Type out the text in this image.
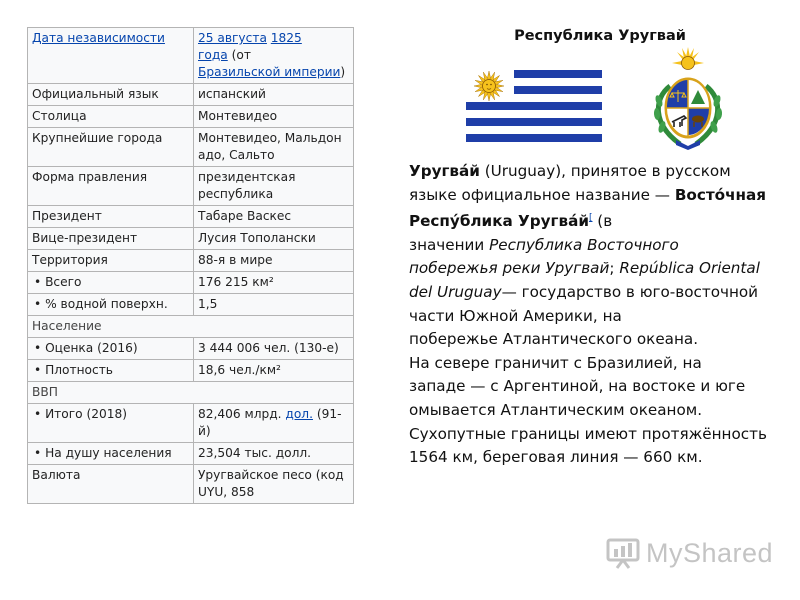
Дата независимости	25 августа 1825
года (от
Бразильской империи)
Официальный язык	испанский
Столица	Монтевидео
Крупнейшие города	Монтевидео, Мальдон адо, Сальто
Форма правления	президентская республика
Президент	Табаре Васкес
Вице-президент	Лусия Тополански
Территория	88-я в мире
• Всего	176 215 км²
• % водной поверхн.	1,5
Население	
• Оценка (2016)	3 444 006 чел. (130-е)
• Плотность	18,6 чел./км²
ВВП	
• Итого (2018)	82,406 млрд. дол. (91-й)
• На душу населения	23,504 тыс. долл.
Валюта	Уругвайское песо (код UYU, 858
Республика Уругвай
Уругва́й (Uruguay), принятое в русском
языке официальное название — Восто́чная
Респу́блика Уругва́й[ (в
значении Республика Восточного
побережья реки Уругвай; República Oriental
del Uruguay— государство в юго-восточной
части Южной Америки, на
побережье Атлантического океана.
На севере граничит с Бразилией, на
западе — с Аргентиной, на востоке и юге
омывается Атлантическим океаном.
Сухопутные границы имеют протяжённость
1564 км, береговая линия — 660 км.
MyShared
